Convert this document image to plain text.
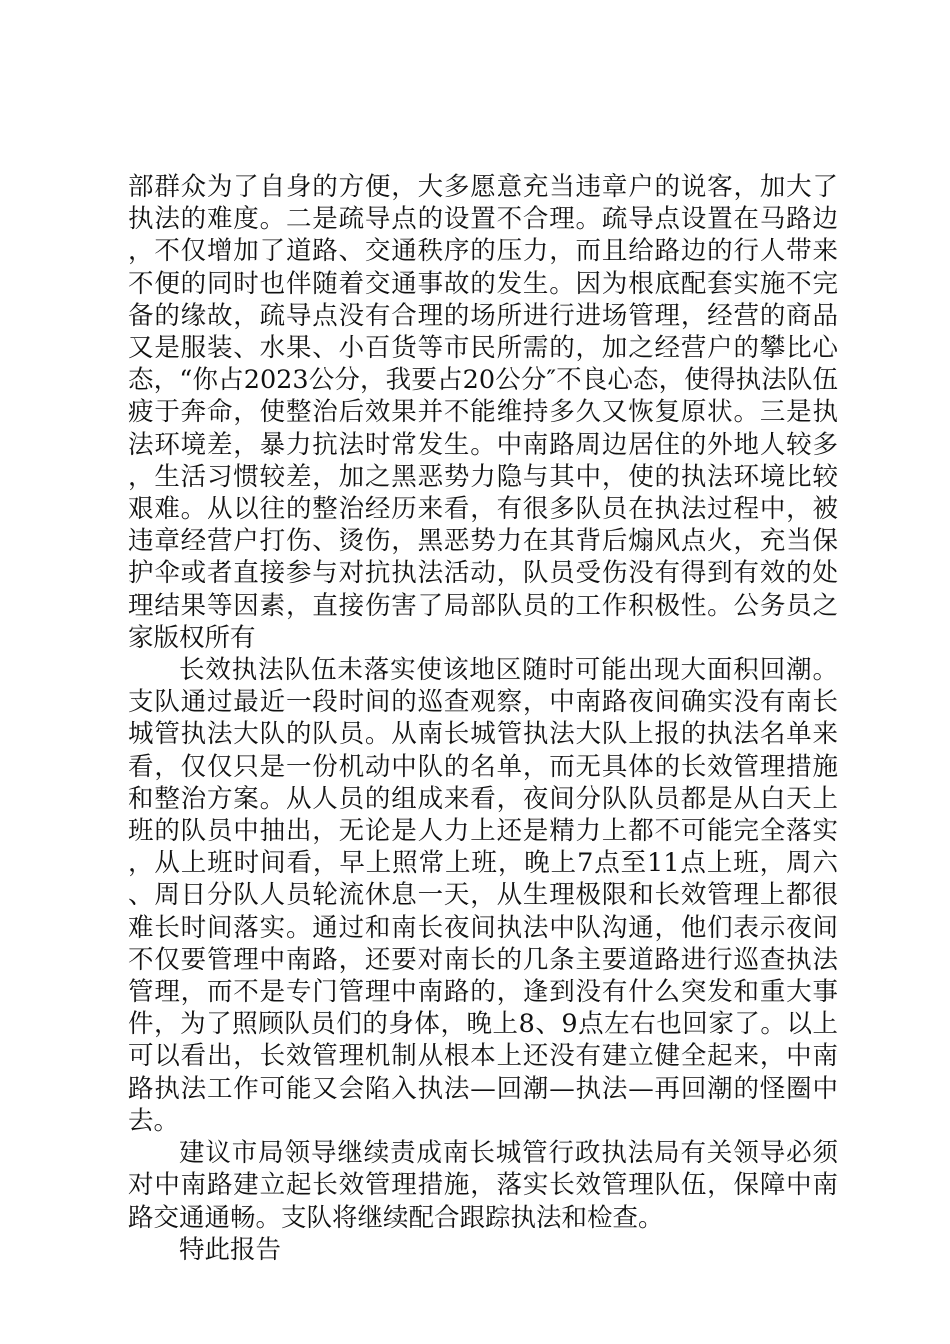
部群众为了自身的方便，大多愿意充当违章户的说客，加大了执法的难度。二是疏导点的设置不合理。疏导点设置在马路边，不仅增加了道路、交通秩序的压力，而且给路边的行人带来不便的同时也伴随着交通事故的发生。因为根底配套实施不完备的缘故，疏导点没有合理的场所进行进场管理，经营的商品又是服装、水果、小百货等市民所需的，加之经营户的攀比心态，“你占2023公分，我要占20公分″不良心态，使得执法队伍疲于奔命，使整治后效果并不能维持多久又恢复原状。三是执法环境差，暴力抗法时常发生。中南路周边居住的外地人较多，生活习惯较差，加之黑恶势力隐与其中，使的执法环境比较艰难。从以往的整治经历来看，有很多队员在执法过程中，被违章经营户打伤、烫伤，黑恶势力在其背后煽风点火，充当保护伞或者直接参与对抗执法活动，队员受伤没有得到有效的处理结果等因素，直接伤害了局部队员的工作积极性。公务员之家版权所有

长效执法队伍未落实使该地区随时可能出现大面积回潮。支队通过最近一段时间的巡查观察，中南路夜间确实没有南长城管执法大队的队员。从南长城管执法大队上报的执法名单来看，仅仅只是一份机动中队的名单，而无具体的长效管理措施和整治方案。从人员的组成来看，夜间分队队员都是从白天上班的队员中抽出，无论是人力上还是精力上都不可能完全落实，从上班时间看，早上照常上班，晚上7点至11点上班，周六、周日分队人员轮流休息一天，从生理极限和长效管理上都很难长时间落实。通过和南长夜间执法中队沟通，他们表示夜间不仅要管理中南路，还要对南长的几条主要道路进行巡查执法管理，而不是专门管理中南路的，逢到没有什么突发和重大事件，为了照顾队员们的身体，晚上8、9点左右也回家了。以上可以看出，长效管理机制从根本上还没有建立健全起来，中南路执法工作可能又会陷入执法—回潮—执法—再回潮的怪圈中去。

建议市局领导继续责成南长城管行政执法局有关领导必须对中南路建立起长效管理措施，落实长效管理队伍，保障中南路交通通畅。支队将继续配合跟踪执法和检查。

特此报告
